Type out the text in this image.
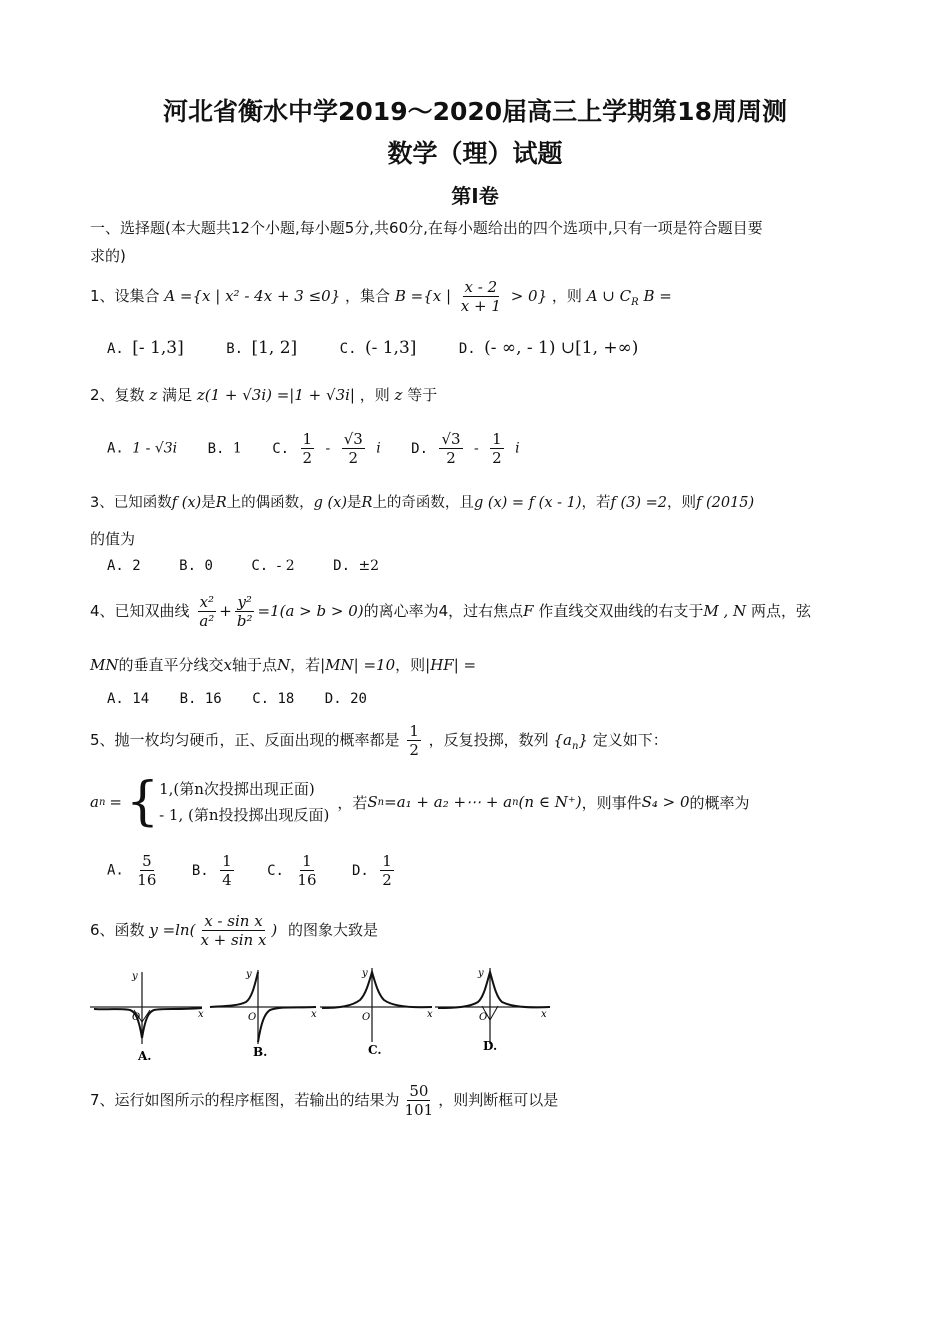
河北省衡水中学2019～2020届高三上学期第18周周测
数学（理）试题
第Ⅰ卷
一、选择题(本大题共12个小题,每小题5分,共60分,在每小题给出的四个选项中,只有一项是符合题目要
求的)
1、设集合 A ={x | x² - 4x + 3 ≤0} ，集合 B ={x | $\frac{x - 2}{x + 1} > 0$} ，则 A ∪ $C_R$ B =
A. [- 1,3]	B. [1, 2]	C. (- 1,3]	D. (- ∞, - 1) ∪[1, +∞)
2、复数 z 满足 z(1 + √3i) =|1 + √3i| ，则 z 等于
A. 1 - √3i B. 1 C. $\frac{1}{2} - \frac{√3}{2}$ i D. $\frac{√3}{2} - \frac{1}{2}$ i
3、已知函数f (x)是R上的偶函数，g (x)是R上的奇函数，且g (x) = f (x - 1)，若f (3) =2，则f (2015)
的值为
A. 2	B. 0	C. - 2	D. ±2
4、已知双曲线 $\frac{\text{x²}}{\text{a²}} + \frac{\text{y²}}{\text{b²}} =1(a > b > 0)$的离心率为4，过右焦点F 作直线交双曲线的右支于M , N 两点，弦
MN的垂直平分线交x轴于点N，若|MN| =10，则|HF| =
A. 14 B. 16 C. 18 D. 20
5、抛一枚均匀硬币，正、反面出现的概率都是 $\frac{1}{2}$ ，反复投掷，数列 $\{a_n\}$ 定义如下：
a n = { 1,(第n次投掷出现正面)
- 1, (第n投投掷出现反面)
，若 S n =a₁ + a₂ +⋯ + a n (n ∈ N⁺) ，则事件 S₄ > 0 的概率为
A. $\frac{5}{16} B$. $\frac{1}{4} C$. $\frac{1}{16} D$. $\frac{1}{2}$
6、函数 $y =\ln( \frac{\text{x - sin x}}{\text{x + sin x}}$ ) 的图象大致是
y
x
O
A.
y
x
O
B.
y
x
O
C.
y
x
O
D.
7、运行如图所示的程序框图，若输出的结果为 $\frac{50}{101}$ ，则判断框可以是
